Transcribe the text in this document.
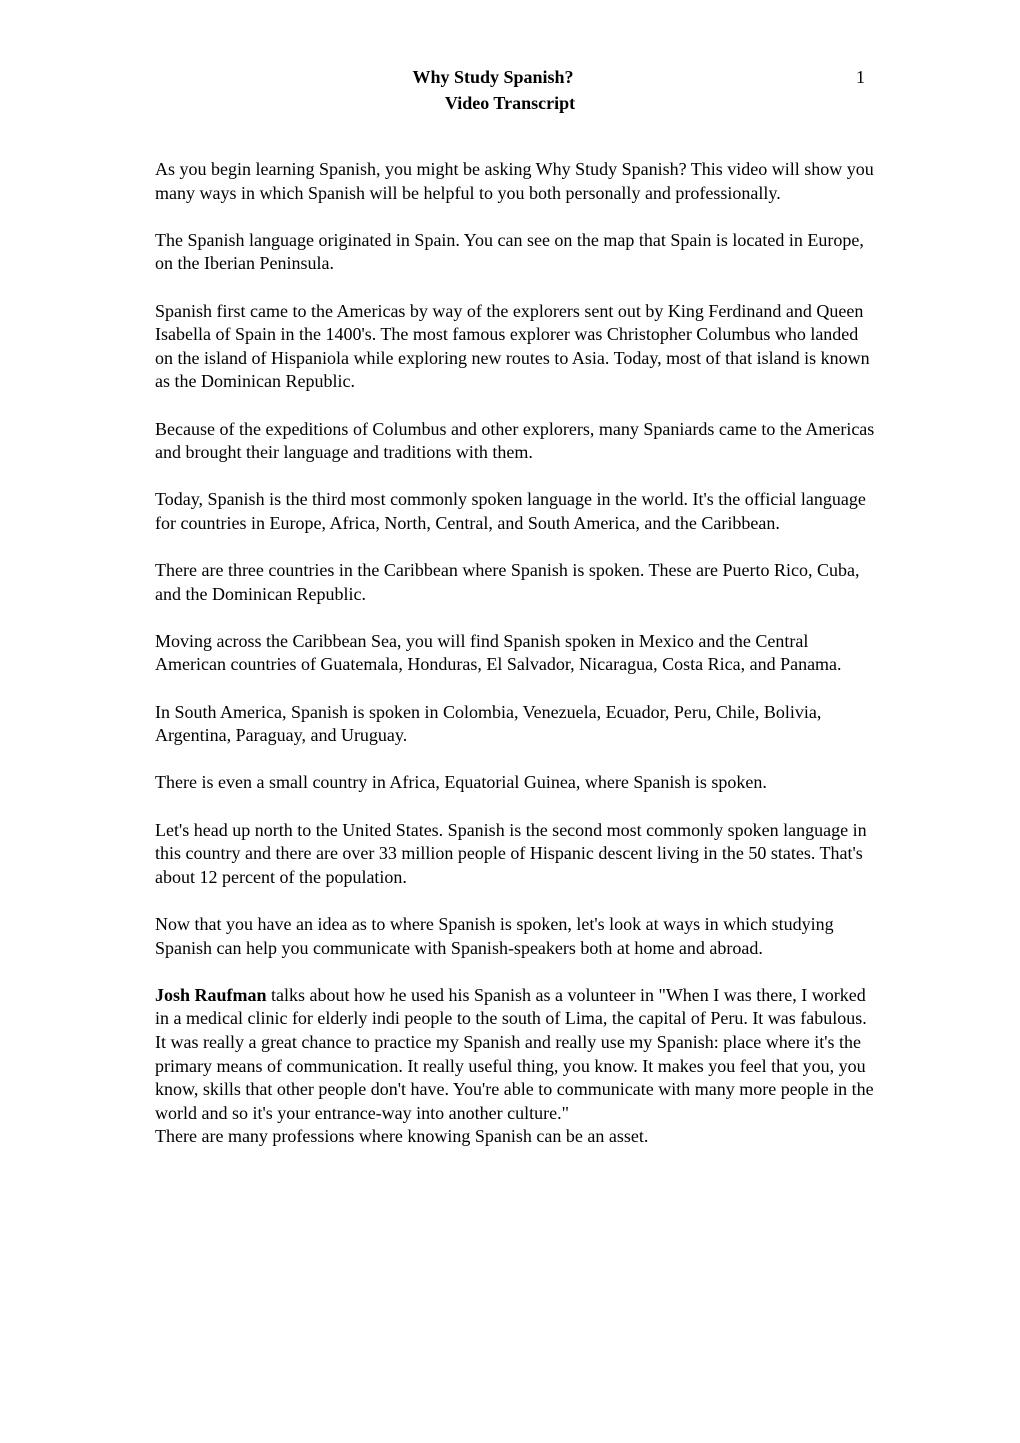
Why Study Spanish?
Video Transcript
1

As you begin learning Spanish, you might be asking Why Study Spanish? This video will show you many ways in which Spanish will be helpful to you both personally and professionally.

The Spanish language originated in Spain. You can see on the map that Spain is located in Europe, on the Iberian Peninsula.

Spanish first came to the Americas by way of the explorers sent out by King Ferdinand and Queen Isabella of Spain in the 1400's. The most famous explorer was Christopher Columbus who landed on the island of Hispaniola while exploring new routes to Asia. Today, most of that island is known as the Dominican Republic.

Because of the expeditions of Columbus and other explorers, many Spaniards came to the Americas and brought their language and traditions with them.

Today, Spanish is the third most commonly spoken language in the world. It's the official language for countries in Europe, Africa, North, Central, and South America, and the Caribbean.

There are three countries in the Caribbean where Spanish is spoken. These are Puerto Rico, Cuba, and the Dominican Republic.

Moving across the Caribbean Sea, you will find Spanish spoken in Mexico and the Central American countries of Guatemala, Honduras, El Salvador, Nicaragua, Costa Rica, and Panama.

In South America, Spanish is spoken in Colombia, Venezuela, Ecuador, Peru, Chile, Bolivia, Argentina, Paraguay, and Uruguay.

There is even a small country in Africa, Equatorial Guinea, where Spanish is spoken.

Let's head up north to the United States. Spanish is the second most commonly spoken language in this country and there are over 33 million people of Hispanic descent living in the 50 states. That's about 12 percent of the population.

Now that you have an idea as to where Spanish is spoken, let's look at ways in which studying Spanish can help you communicate with Spanish-speakers both at home and abroad.

Josh Raufman talks about how he used his Spanish as a volunteer in "When I was there, I worked in a medical clinic for elderly indi people to the south of Lima, the capital of Peru. It was fabulous. It was really a great chance to practice my Spanish and really use my Spanish: place where it's the primary means of communication. It really useful thing, you know. It makes you feel that you, you know, skills that other people don't have. You're able to communicate with many more people in the world and so it's your entrance-way into another culture."

There are many professions where knowing Spanish can be an asset.
